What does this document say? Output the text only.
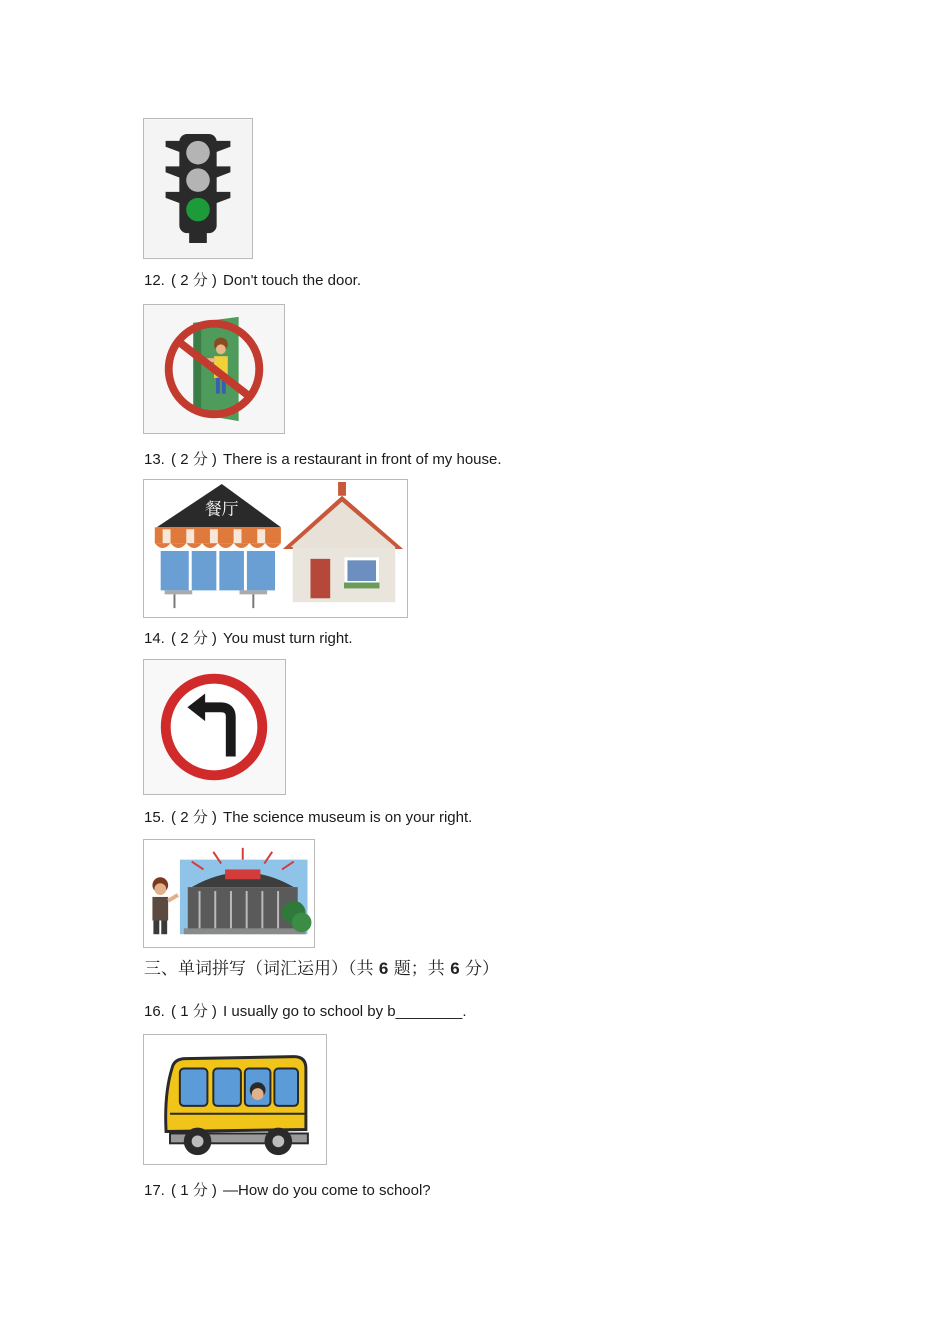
12. ( 2 分 ) Don't touch the door.
13. ( 2 分 ) There is a restaurant in front of my house.
餐厅
14. ( 2 分 ) You must turn right.
15. ( 2 分 ) The science museum is on your right.
三、单词拼写（词汇运用）（共 6 题；共 6 分）
16. ( 1 分 ) I usually go to school by b________.
17. ( 1 分 ) —How do you come to school?
